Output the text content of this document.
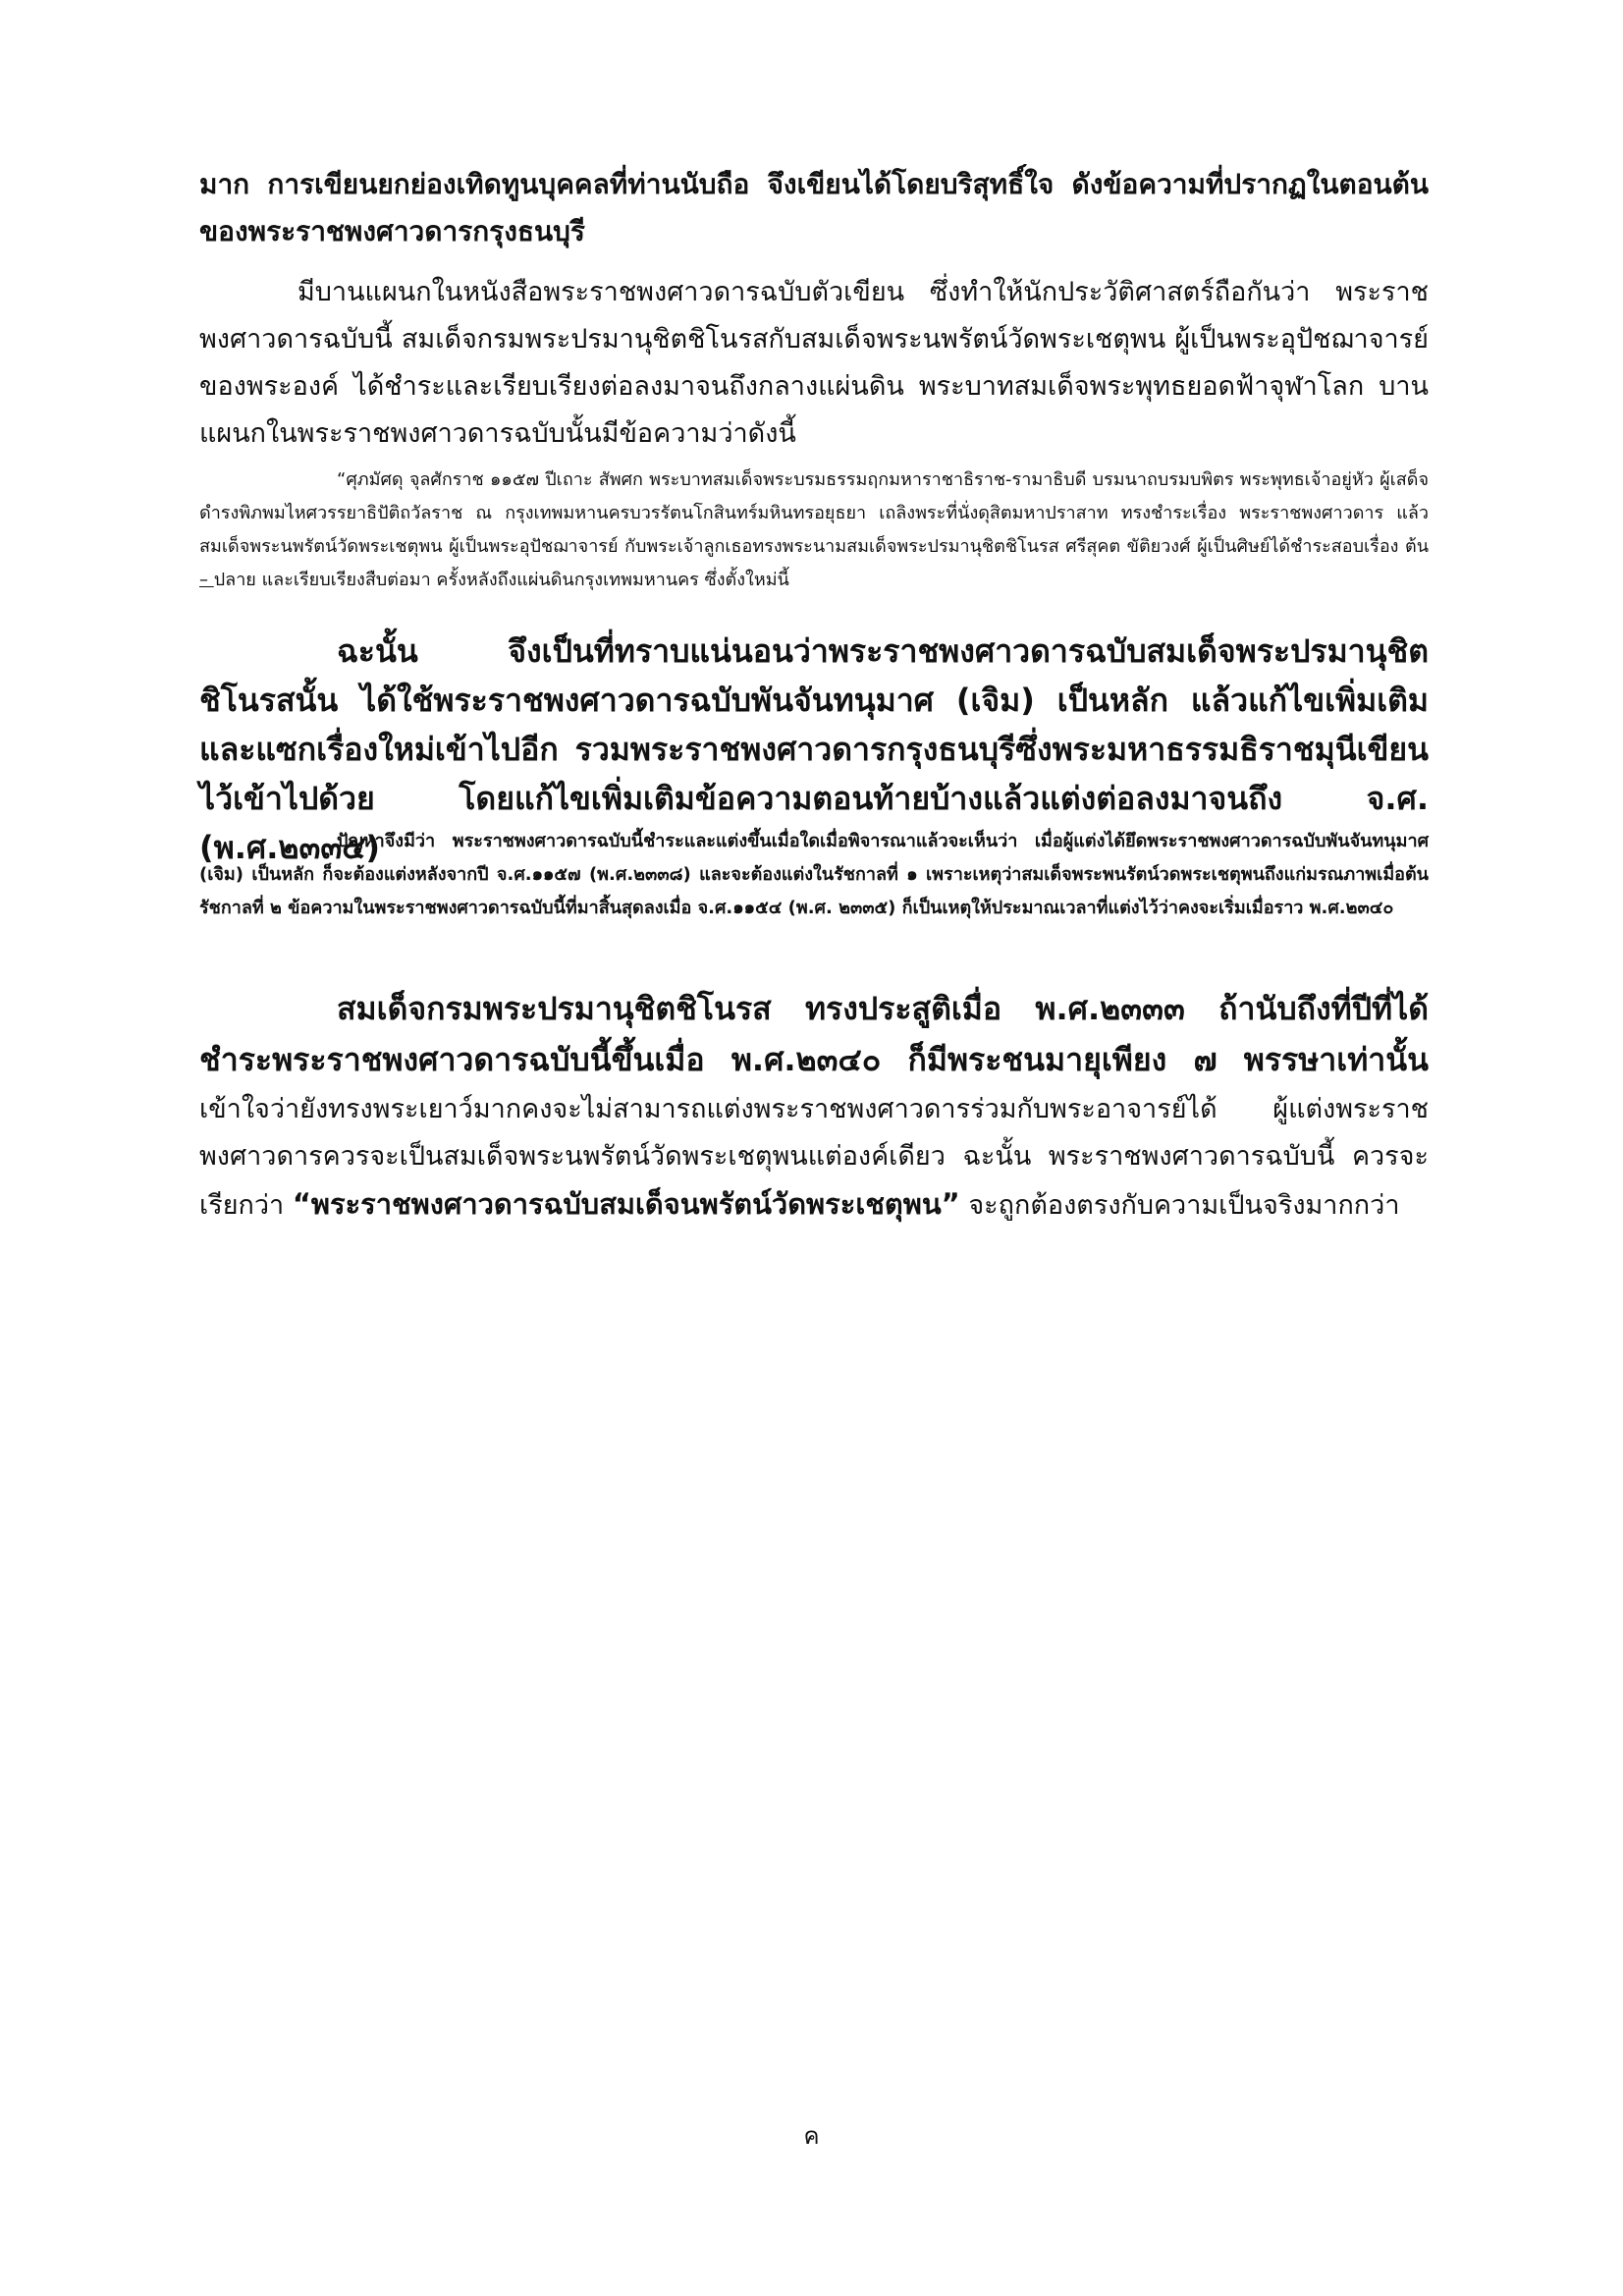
มาก การเขียนยกย่องเทิดทูนบุคคลที่ท่านนับถือ จึงเขียนได้โดยบริสุทธิ์ใจ ดังข้อความที่ปรากฏในตอนต้นของพระราชพงศาวดารกรุงธนบุรี

มีบานแผนกในหนังสือพระราชพงศาวดารฉบับตัวเขียน ซึ่งทำให้นักประวัติศาสตร์ถือกันว่า พระราชพงศาวดารฉบับนี้ สมเด็จกรมพระปรมานุชิตชิโนรสกับสมเด็จพระนพรัตน์วัดพระเชตุพน ผู้เป็นพระอุปัชฌาจารย์ของพระองค์ ได้ชำระและเรียบเรียงต่อลงมาจนถึงกลางแผ่นดิน พระบาทสมเด็จพระพุทธยอดฟ้าจุฬาโลก บานแผนกในพระราชพงศาวดารฉบับนั้นมีข้อความว่าดังนี้

“ศุภมัศดุ จุลศักราช ๑๑๕๗ ปีเถาะ สัพศก พระบาทสมเด็จพระบรมธรรมฤกมหาราชาธิราช-รามาธิบดี บรมนาถบรมบพิตร พระพุทธเจ้าอยู่หัว ผู้เสด็จดำรงพิภพมไหศวรรยาธิปัติถวัลราช ณ กรุงเทพมหานครบวรรัตนโกสินทร์มหินทรอยุธยา เถลิงพระที่นั่งดุสิตมหาปราสาท ทรงชำระเรื่อง พระราชพงศาวดาร แล้วสมเด็จพระนพรัตน์วัดพระเชตุพน ผู้เป็นพระอุปัชฌาจารย์ กับพระเจ้าลูกเธอทรงพระนามสมเด็จพระปรมานุชิตชิโนรส ศรีสุคต ขัติยวงศ์ ผู้เป็นศิษย์ได้ชำระสอบเรื่อง ต้น – ปลาย และเรียบเรียงสืบต่อมา ครั้งหลังถึงแผ่นดินกรุงเทพมหานคร ซึ่งตั้งใหม่นี้

ฉะนั้น จึงเป็นที่ทราบแน่นอนว่าพระราชพงศาวดารฉบับสมเด็จพระปรมานุชิตชิโนรสนั้น ได้ใช้พระราชพงศาวดารฉบับพันจันทนุมาศ (เจิม) เป็นหลัก แล้วแก้ไขเพิ่มเติมและแซกเรื่องใหม่เข้าไปอีก รวมพระราชพงศาวดารกรุงธนบุรีซึ่งพระมหาธรรมธิราชมุนีเขียนไว้เข้าไปด้วย โดยแก้ไขเพิ่มเติมข้อความตอนท้ายบ้างแล้วแต่งต่อลงมาจนถึง จ.ศ. (พ.ศ.๒๓๓๕)

ปัญหาจึงมีว่า พระราชพงศาวดารฉบับนี้ชำระและแต่งขึ้นเมื่อใดเมื่อพิจารณาแล้วจะเห็นว่า เมื่อผู้แต่งได้ยึดพระราชพงศาวดารฉบับพันจันทนุมาศ (เจิม) เป็นหลัก ก็จะต้องแต่งหลังจากปี จ.ศ.๑๑๕๗ (พ.ศ.๒๓๓๘) และจะต้องแต่งในรัชกาลที่ ๑ เพราะเหตุว่าสมเด็จพระพนรัตน์วดพระเชตุพนถึงแก่มรณภาพเมื่อต้นรัชกาลที่ ๒ ข้อความในพระราชพงศาวดารฉบับนี้ที่มาสิ้นสุดลงเมื่อ จ.ศ.๑๑๕๔ (พ.ศ. ๒๓๓๕) ก็เป็นเหตุให้ประมาณเวลาที่แต่งไว้ว่าคงจะเริ่มเมื่อราว พ.ศ.๒๓๔๐

สมเด็จกรมพระปรมานุชิตชิโนรส ทรงประสูติเมื่อ พ.ศ.๒๓๓๓ ถ้านับถึงที่ปีที่ได้ชำระพระราชพงศาวดารฉบับนี้ขึ้นเมื่อ พ.ศ.๒๓๔๐ ก็มีพระชนมายุเพียง ๗ พรรษาเท่านั้น เข้าใจว่ายังทรงพระเยาว์มากคงจะไม่สามารถแต่งพระราชพงศาวดารร่วมกับพระอาจารย์ได้ ผู้แต่งพระราชพงศาวดารควรจะเป็นสมเด็จพระนพรัตน์วัดพระเชตุพนแต่องค์เดียว ฉะนั้น พระราชพงศาวดารฉบับนี้ ควรจะเรียกว่า “พระราชพงศาวดารฉบับสมเด็จนพรัตน์วัดพระเชตุพน” จะถูกต้องตรงกับความเป็นจริงมากกว่า

ค
